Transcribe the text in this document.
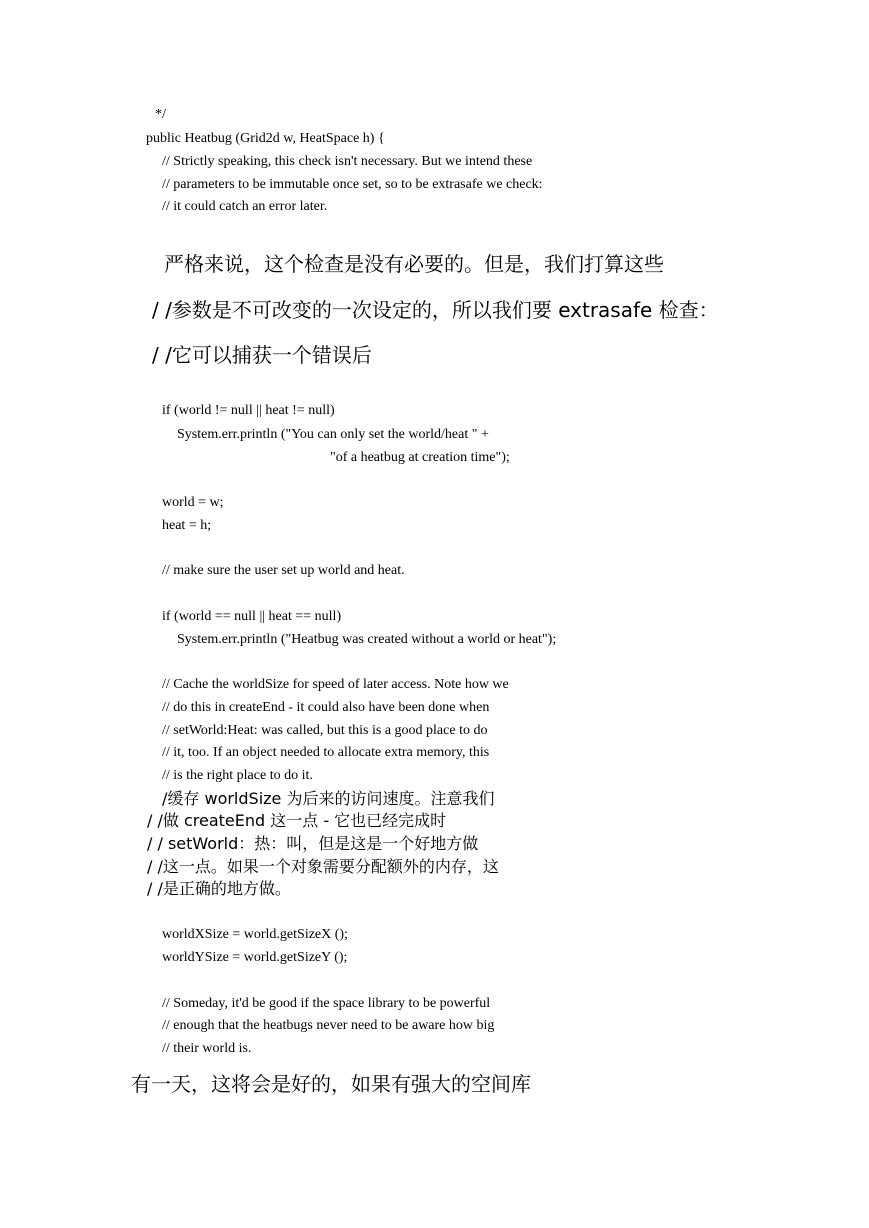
*/
public Heatbug (Grid2d w, HeatSpace h) {
// Strictly speaking, this check isn't necessary. But we intend these
// parameters to be immutable once set, so to be extrasafe we check:
// it could catch an error later.
严格来说，这个检查是没有必要的。但是，我们打算这些
/ /参数是不可改变的一次设定的，所以我们要 extrasafe 检查：
/ /它可以捕获一个错误后
if (world != null || heat != null)
System.err.println ("You can only set the world/heat " +
"of a heatbug at creation time");
world = w;
heat = h;
// make sure the user set up world and heat.
if (world == null || heat == null)
System.err.println ("Heatbug was created without a world or heat");
// Cache the worldSize for speed of later access. Note how we
// do this in createEnd - it could also have been done when
// setWorld:Heat: was called, but this is a good place to do
// it, too. If an object needed to allocate extra memory, this
// is the right place to do it.
/缓存 worldSize 为后来的访问速度。注意我们
/ /做 createEnd 这一点 - 它也已经完成时
/ / setWorld：热：叫，但是这是一个好地方做
/ /这一点。如果一个对象需要分配额外的内存，这
/ /是正确的地方做。
worldXSize = world.getSizeX ();
worldYSize = world.getSizeY ();
// Someday, it'd be good if the space library to be powerful
// enough that the heatbugs never need to be aware how big
// their world is.
有一天，这将会是好的，如果有强大的空间库
